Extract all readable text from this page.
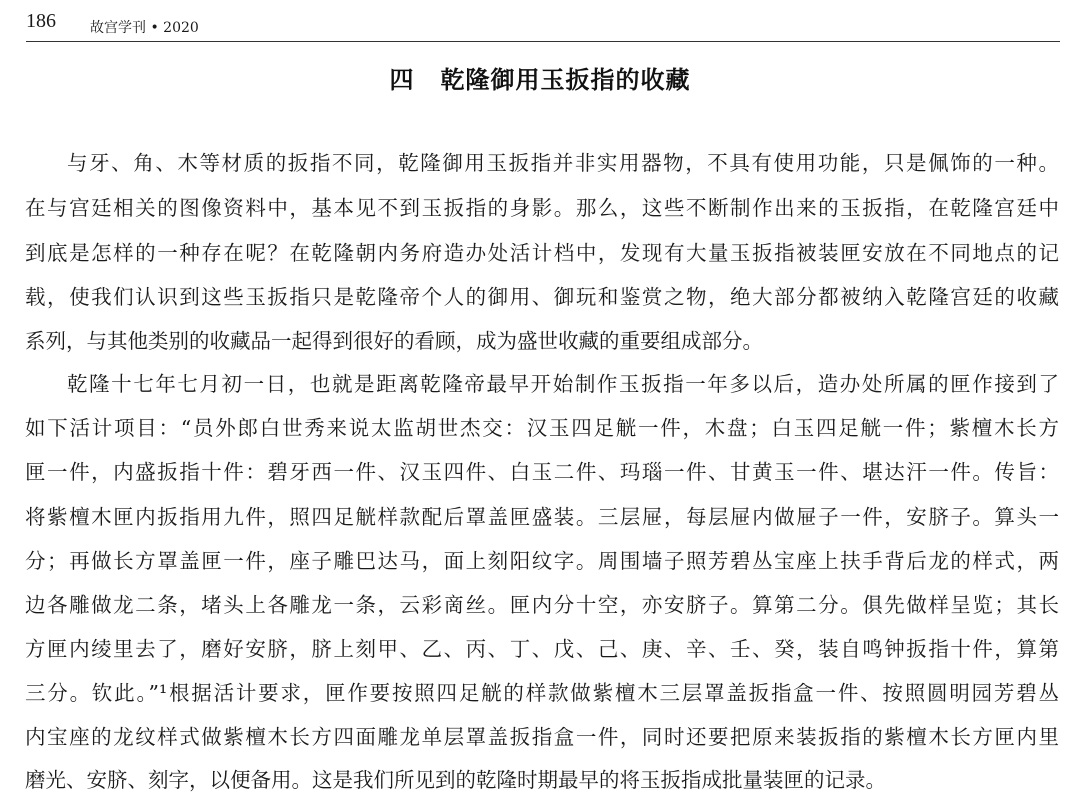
186 故宫学刊 • 2020
四 乾隆御用玉扳指的收藏
与牙、角、木等材质的扳指不同，乾隆御用玉扳指并非实用器物，不具有使用功能，只是佩饰的一种。
在与宫廷相关的图像资料中，基本见不到玉扳指的身影。那么，这些不断制作出来的玉扳指，在乾隆宫廷中
到底是怎样的一种存在呢？在乾隆朝内务府造办处活计档中，发现有大量玉扳指被装匣安放在不同地点的记
载，使我们认识到这些玉扳指只是乾隆帝个人的御用、御玩和鉴赏之物，绝大部分都被纳入乾隆宫廷的收藏
系列，与其他类别的收藏品一起得到很好的看顾，成为盛世收藏的重要组成部分。
乾隆十七年七月初一日，也就是距离乾隆帝最早开始制作玉扳指一年多以后，造办处所属的匣作接到了
如下活计项目：“员外郎白世秀来说太监胡世杰交：汉玉四足觥一件，木盘；白玉四足觥一件；紫檀木长方
匣一件，内盛扳指十件：碧牙西一件、汉玉四件、白玉二件、玛瑙一件、甘黄玉一件、堪达汗一件。传旨：
将紫檀木匣内扳指用九件，照四足觥样款配后罩盖匣盛装。三层屉，每层屉内做屉子一件，安脐子。算头一
分；再做长方罩盖匣一件，座子雕巴达马，面上刻阳纹字。周围墙子照芳碧丛宝座上扶手背后龙的样式，两
边各雕做龙二条，堵头上各雕龙一条，云彩啇丝。匣内分十空，亦安脐子。算第二分。俱先做样呈览；其长
方匣内绫里去了，磨好安脐，脐上刻甲、乙、丙、丁、戊、己、庚、辛、壬、癸，装自鸣钟扳指十件，算第
三分。钦此。”¹根据活计要求，匣作要按照四足觥的样款做紫檀木三层罩盖扳指盒一件、按照圆明园芳碧丛
内宝座的龙纹样式做紫檀木长方四面雕龙单层罩盖扳指盒一件，同时还要把原来装扳指的紫檀木长方匣内里
磨光、安脐、刻字，以便备用。这是我们所见到的乾隆时期最早的将玉扳指成批量装匣的记录。
